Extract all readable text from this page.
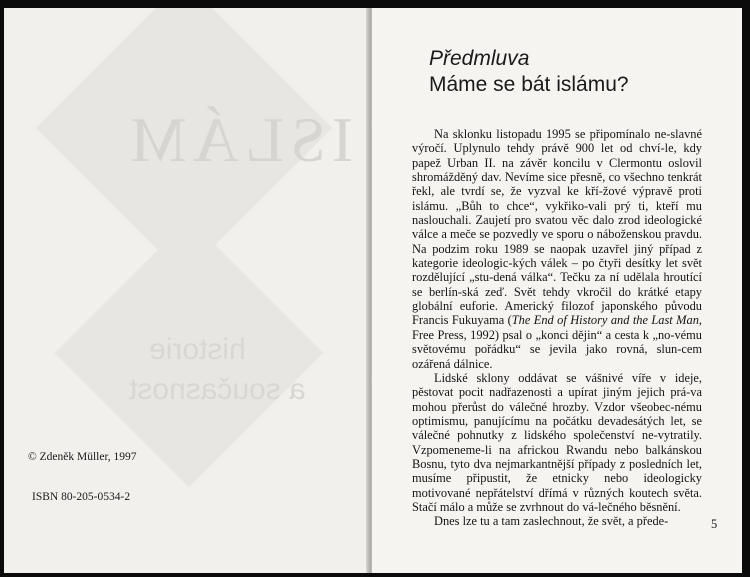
ISLÁM
historie
a současnost
© Zdeněk Müller, 1997
ISBN 80-205-0534-2
Předmluva
Máme se bát islámu?

Na sklonku listopadu 1995 se připomínalo ne-slavné výročí. Uplynulo tehdy právě 900 let od chví-le, kdy papež Urban II. na závěr koncilu v Clermontu oslovil shromážděný dav. Nevíme sice přesně, co všechno tenkrát řekl, ale tvrdí se, že vyzval ke kří-žové výpravě proti islámu. „Bůh to chce“, vykřiko-vali prý ti, kteří mu naslouchali. Zaujetí pro svatou věc dalo zrod ideologické válce a meče se pozvedly ve sporu o náboženskou pravdu. Na podzim roku 1989 se naopak uzavřel jiný případ z kategorie ideologic-kých válek – po čtyři desítky let svět rozdělující „stu-dená válka“. Tečku za ní udělala hroutící se berlín-ská zeď. Svět tehdy vkročil do krátké etapy globální euforie. Americký filozof japonského původu Francis Fukuyama (The End of History and the Last Man, Free Press, 1992) psal o „konci dějin“ a cesta k „no-vému světovému pořádku“ se jevila jako rovná, slun-cem ozářená dálnice.

Lidské sklony oddávat se vášnivé víře v ideje, pěstovat pocit nadřazenosti a upírat jiným jejich prá-va mohou přerůst do válečné hrozby. Vzdor všeobec-nému optimismu, panujícímu na počátku devadesátých let, se válečné pohnutky z lidského společenství ne-vytratily. Vzpomeneme-li na africkou Rwandu nebo balkánskou Bosnu, tyto dva nejmarkantnější případy z posledních let, musíme připustit, že etnicky nebo ideologicky motivované nepřátelství dřímá v různých koutech světa. Stačí málo a může se zvrhnout do vá-lečného běsnění.

Dnes lze tu a tam zaslechnout, že svět, a přede-	5
